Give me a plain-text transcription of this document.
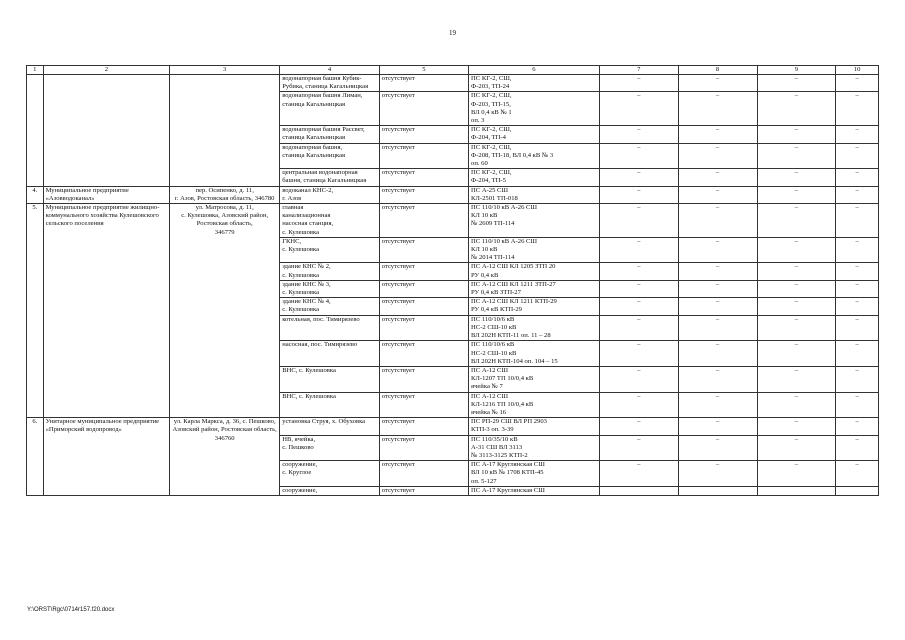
19
1	2	3	4	5	6	7	8	9	10
			водонапорная башня Кубик-Рубика, станица Кагальницкая	отсутствует	ПС КГ-2, СШ,
Ф-203, ТП-24	–	–	–	–
			водонапорная башня Лиман, станица Кагальницкая	отсутствует	ПС КГ-2, СШ,
Ф-203, ТП-15,
ВЛ 0,4 кВ № 1
оп. 3	–	–	–	–
			водонапорная башня Рассвет, станица Кагальницкая	отсутствует	ПС КГ-2, СШ,
Ф-204, ТП-4	–	–	–	–
			водонапорная башня,
станица Кагальницкая	отсутствует	ПС КГ-2, СШ,
Ф-208, ТП-18, ВЛ 0,4 кВ № 3
оп. 60	–	–	–	–
			центральная водонапорная башня, станица Кагальницкая	отсутствует	ПС КГ-2, СШ,
Ф-204, ТП-5	–	–	–	–
4.	Муниципальное предприятие «Азовводоканал»	пер. Осипенко, д. 11,
г. Азов, Ростовская область, 346780	водоканал КНС-2,
г. Азов	отсутствует	ПС А-25 СШ
КЛ-2501 ТП-018	–	–	–	–
5.	Муниципальное предприятие жилищно-коммунального хозяйства Кулешовского сельского поселения	ул. Матросова, д. 11,
с. Кулешовка, Азовский район, Ростовская область,
346779	главная
канализационная
насосная станция,
с. Кулешовка	отсутствует	ПС 110/10 кВ А-26 СШ
КЛ 10 кВ
№ 2609 ТП-114	–	–	–	–
			ГКНС,
с. Кулешовка	отсутствует	ПС 110/10 кВ А-26 СШ
КЛ 10 кВ
№ 2014 ТП-114	–	–	–	–
			здание КНС № 2,
с. Кулешовка	отсутствует	ПС А-12 СШ КЛ 1205 ЗТП 20
РУ 0,4 кВ	–	–	–	–
			здание КНС № 3,
с. Кулешовка	отсутствует	ПС А-12 СШ КЛ 1211 ЗТП-27
РУ 0,4 кВ ЗТП-27	–	–	–	–
			здание КНС № 4,
с. Кулешовка	отсутствует	ПС А-12 СШ КЛ 1211 КТП-29
РУ 0,4 кВ КТП-29	–	–	–	–
			котельная, пос. Тимирязево	отсутствует	ПС 110/10/6 кВ
НС-2 СШ-10 кВ
ВЛ 202Н КТП-11 оп. 11 – 28	–	–	–	–
			насосная, пос. Тимирязево	отсутствует	ПС 110/10/6 кВ
НС-2 СШ-10 кВ
ВЛ 202Н КТП-104 оп. 104 – 15	–	–	–	–
			ВНС, с. Кулешовка	отсутствует	ПС А-12 СШ
КЛ-1207 ТП 10/0,4 кВ
ячейка № 7	–	–	–	–
			ВНС, с. Кулешовка	отсутствует	ПС А-12 СШ
КЛ-1216 ТП 10/0,4 кВ
ячейка № 16	–	–	–	–
6.	Унитарное муниципальное предприятие «Приморский водопровод»	ул. Карла Маркса, д. 36, с. Пешково, Азовский район, Ростовская область, 346760	установка Струя, х. Обуховка	отсутствует	ПС РП-29 СШ ВЛ РП 2903
КТП-3 оп. 3-39	–	–	–	–
			НВ, ячейка,
с. Пешково	отсутствует	ПС 110/35/10 кВ
А-31 СШ ВЛ 3113
№ 3113-3125 КТП-2	–	–	–	–
			сооружение,
с. Круглое	отсутствует	ПС А-17 Круглянская СШ
ВЛ 10 кВ № 1708 КТП-45
оп. 5-127	–	–	–	–
			сооружение,	отсутствует	ПС А-17 Круглянская СШ				
Y:\ORST\Rgc\0714r157.f20.docx
